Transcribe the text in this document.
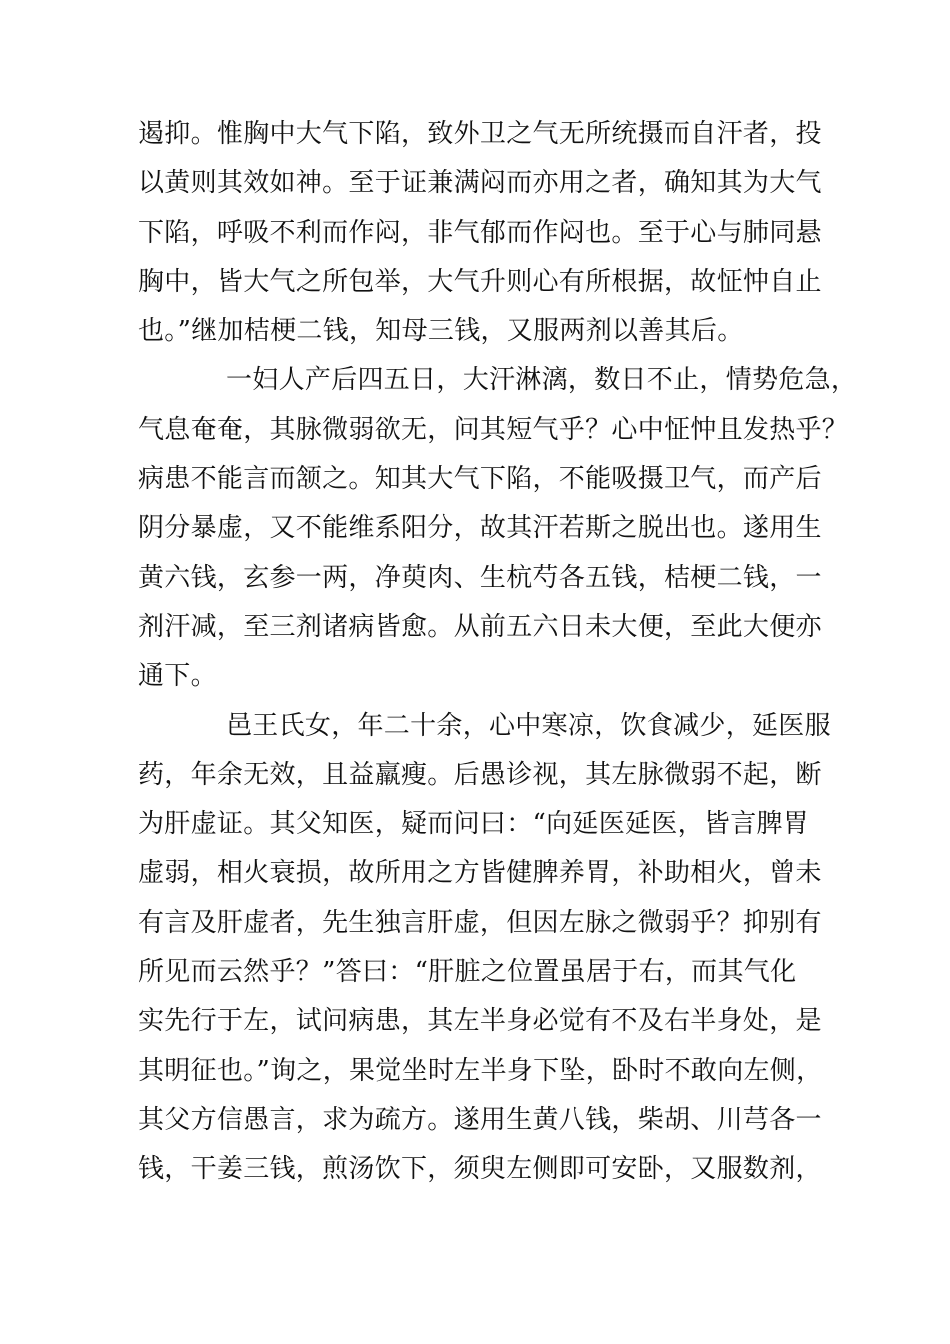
遏抑。惟胸中大气下陷，致外卫之气无所统摄而自汗者，投
以黄则其效如神。至于证兼满闷而亦用之者，确知其为大气
下陷，呼吸不利而作闷，非气郁而作闷也。至于心与肺同悬
胸中，皆大气之所包举，大气升则心有所根据，故怔忡自止
也。”继加桔梗二钱，知母三钱，又服两剂以善其后。
一妇人产后四五日，大汗淋漓，数日不止，情势危急，
气息奄奄，其脉微弱欲无，问其短气乎？心中怔忡且发热乎？
病患不能言而颔之。知其大气下陷，不能吸摄卫气，而产后
阴分暴虚，又不能维系阳分，故其汗若斯之脱出也。遂用生
黄六钱，玄参一两，净萸肉、生杭芍各五钱，桔梗二钱，一
剂汗减，至三剂诸病皆愈。从前五六日未大便，至此大便亦
通下。
邑王氏女，年二十余，心中寒凉，饮食减少，延医服
药，年余无效，且益羸瘦。后愚诊视，其左脉微弱不起，断
为肝虚证。其父知医，疑而问曰：“向延医延医，皆言脾胃
虚弱，相火衰损，故所用之方皆健脾养胃，补助相火，曾未
有言及肝虚者，先生独言肝虚，但因左脉之微弱乎？抑别有
所见而云然乎？”答曰：“肝脏之位置虽居于右，而其气化
实先行于左，试问病患，其左半身必觉有不及右半身处，是
其明征也。”询之，果觉坐时左半身下坠，卧时不敢向左侧，
其父方信愚言，求为疏方。遂用生黄八钱，柴胡、川芎各一
钱，干姜三钱，煎汤饮下，须臾左侧即可安卧，又服数剂，
